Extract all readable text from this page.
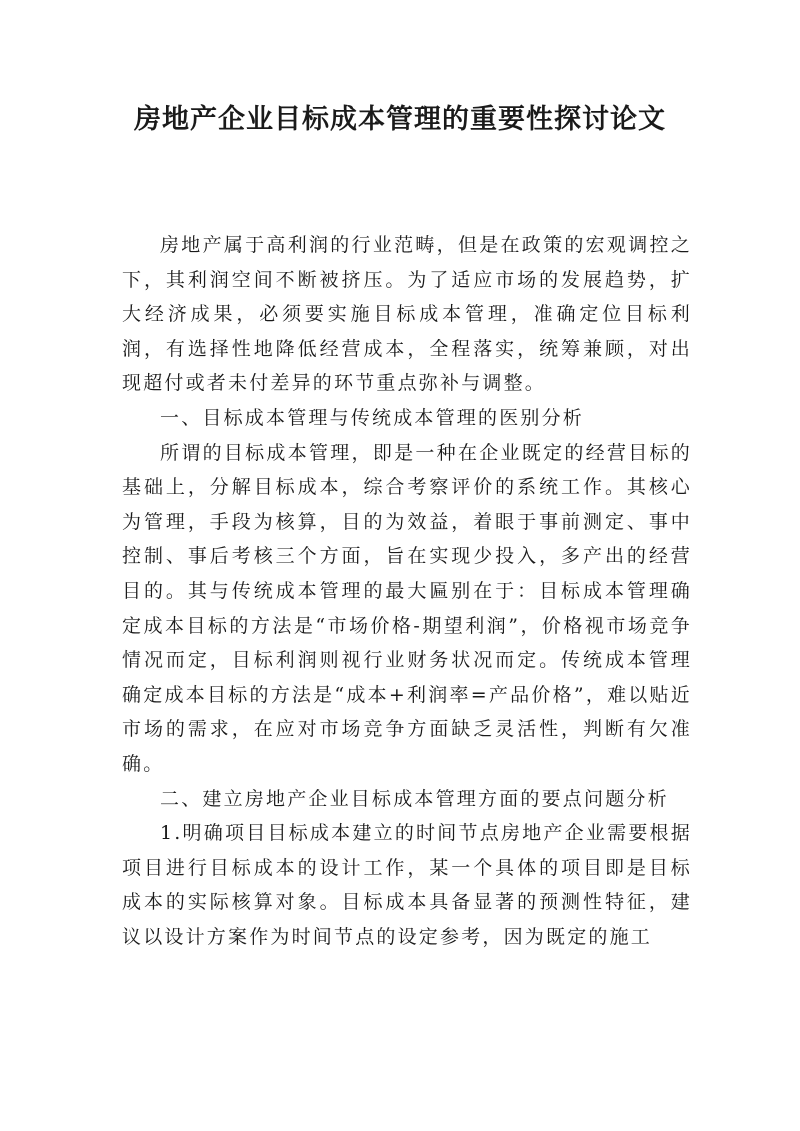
房地产企业目标成本管理的重要性探讨论文

房地产属于高利润的行业范畴，但是在政策的宏观调控之下，其利润空间不断被挤压。为了适应市场的发展趋势，扩大经济成果，必须要实施目标成本管理，准确定位目标利润，有选择性地降低经营成本，全程落实，统筹兼顾，对出现超付或者未付差异的环节重点弥补与调整。

一、目标成本管理与传统成本管理的医别分析

所谓的目标成本管理，即是一种在企业既定的经营目标的基础上，分解目标成本，综合考察评价的系统工作。其核心为管理，手段为核算，目的为效益，着眼于事前测定、事中控制、事后考核三个方面，旨在实现少投入，多产出的经营目的。其与传统成本管理的最大匾别在于：目标成本管理确定成本目标的方法是“市场价格-期望利润”，价格视市场竞争情况而定，目标利润则视行业财务状况而定。传统成本管理确定成本目标的方法是“成本+利润率=产品价格”，难以贴近市场的需求，在应对市场竞争方面缺乏灵活性，判断有欠准确。

二、建立房地产企业目标成本管理方面的要点问题分析

1.明确项目目标成本建立的时间节点房地产企业需要根据项目进行目标成本的设计工作，某一个具体的项目即是目标成本的实际核算对象。目标成本具备显著的预测性特征，建议以设计方案作为时间节点的设定参考，因为既定的施工
